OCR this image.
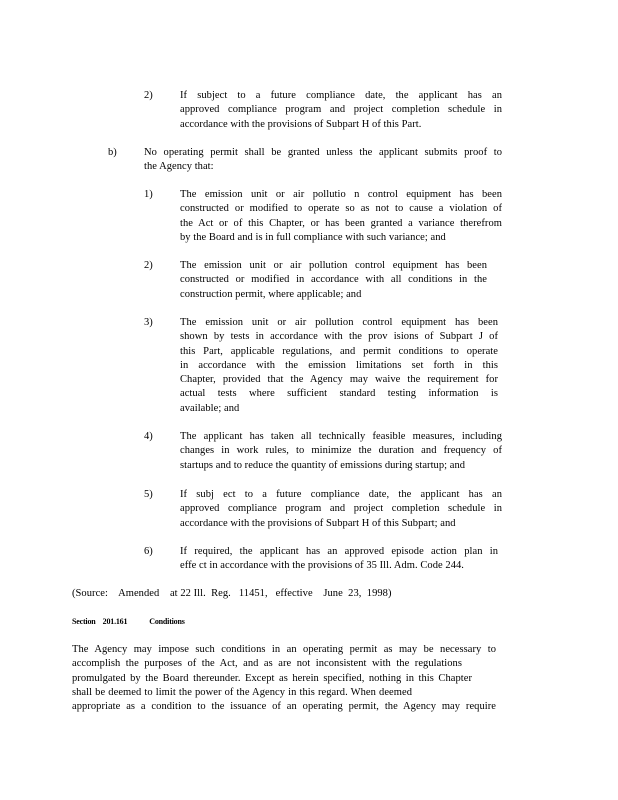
2)	If subject to a future compliance date, the applicant has an
approved compliance program and project completion schedule in
accordance with the provisions of Subpart H of this Part.
b)	No operating permit shall be granted unless the applicant submits proof to
the Agency that:
1)	The emission unit or air pollutio n control equipment has been
constructed or modified to operate so as not to cause a violation of
the Act or of this Chapter, or has been granted a variance therefrom
by the Board and is in full compliance with such variance; and
2)	The emission unit or air pollution control equipment has been
constructed or modified in accordance with all conditions in the
construction permit, where applicable; and
3)	The emission unit or air pollution control equipment has been
shown by tests in accordance with the prov isions of Subpart J of
this Part, applicable regulations, and permit conditions to operate
in accordance with the emission limitations set forth in this
Chapter, provided that the Agency may waive the requirement for
actual tests where sufficient standard testing information is
available; and
4)	The applicant has taken all technically feasible measures, including
changes in work rules, to minimize the duration and frequency of
startups and to reduce the quantity of emissions during startup; and
5)	If subj ect to a future compliance date, the applicant has an
approved compliance program and project completion schedule in
accordance with the provisions of Subpart H of this Subpart; and
6)	If required, the applicant has an approved episode action plan in
effe ct in accordance with the provisions of 35 Ill. Adm. Code 244.
(Source:    Amended    at 22 Ill.  Reg.   11451,   effective    June  23,  1998)
Section    201.161	Conditions
The Agency may impose such conditions in an operating permit as may be necessary to
accomplish the purposes of the Act, and as are not inconsistent with the regulations
promulgated by the Board thereunder. Except as herein specified, nothing in this Chapter
shall be deemed to limit the power of the Agency in this regard. When deemed
appropriate as a condition to the issuance of an operating permit, the Agency may require
